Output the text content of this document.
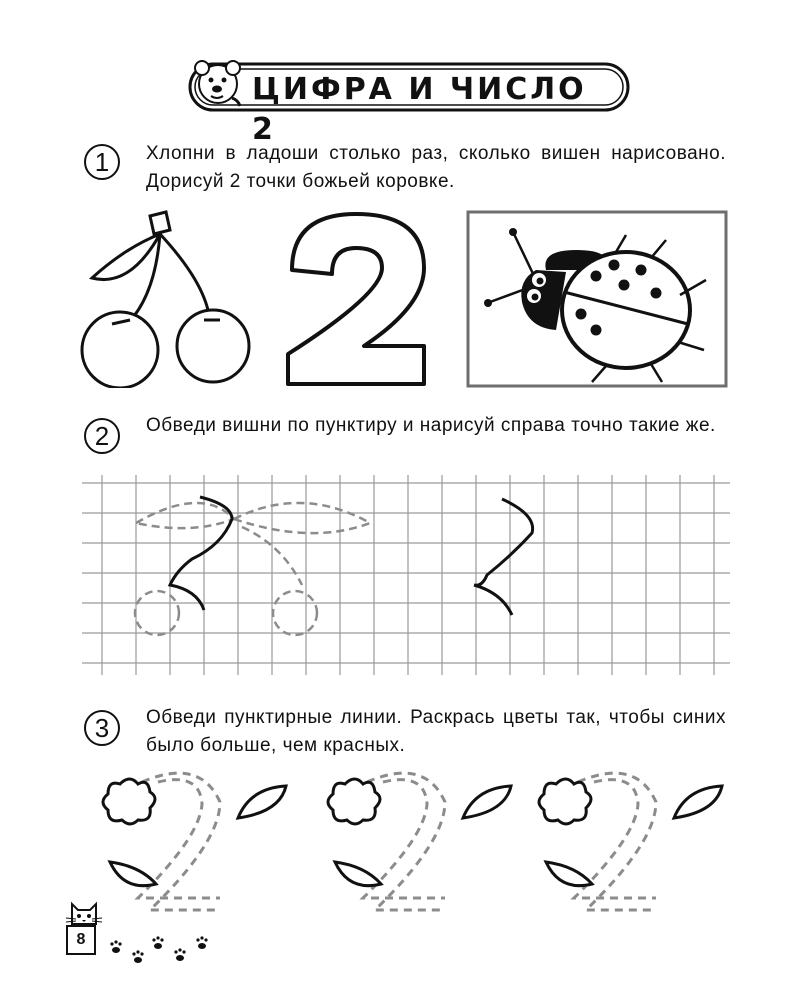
ЦИФРА И ЧИСЛО 2
1	Хлопни в ладоши столько раз, сколько вишен нарисовано. Дорисуй 2 точки божьей коровке.
2	Обведи вишни по пунктиру и нарисуй справа точно такие же.
3	Обведи пунктирные линии. Раскрась цветы так, чтобы синих было больше, чем красных.
8
